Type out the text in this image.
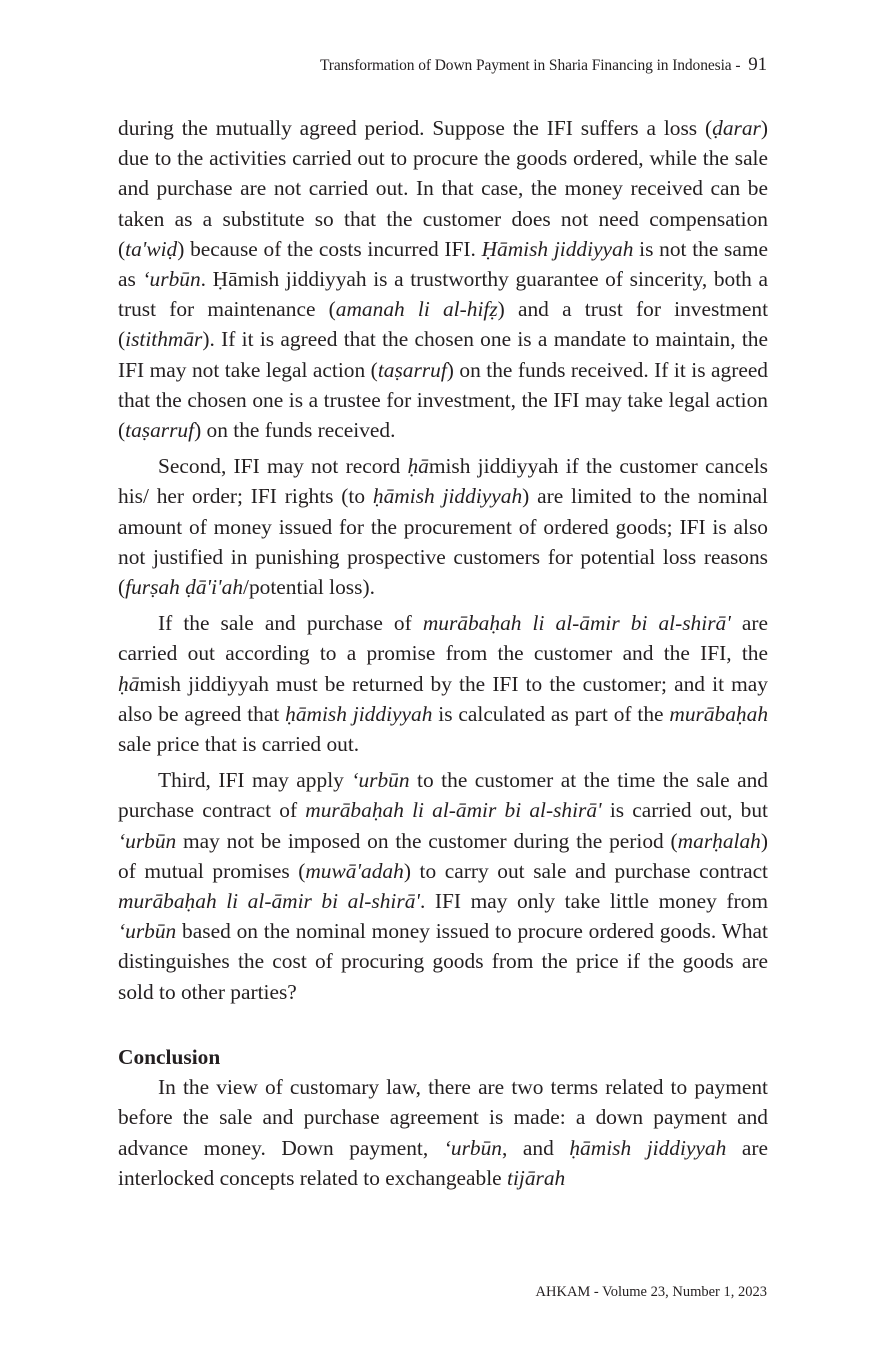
Transformation of Down Payment in Sharia Financing in Indonesia - 91

during the mutually agreed period. Suppose the IFI suffers a loss (ḍarar) due to the activities carried out to procure the goods ordered, while the sale and purchase are not carried out. In that case, the money received can be taken as a substitute so that the customer does not need compensation (ta'wiḍ) because of the costs incurred IFI. Ḥāmish jiddiyyah is not the same as ‘urbūn. Ḥāmish jiddiyyah is a trustworthy guarantee of sincerity, both a trust for maintenance (amanah li al-hifẓ) and a trust for investment (istithmār). If it is agreed that the chosen one is a mandate to maintain, the IFI may not take legal action (taṣarruf) on the funds received. If it is agreed that the chosen one is a trustee for investment, the IFI may take legal action (taṣarruf) on the funds received.

Second, IFI may not record ḥāmish jiddiyyah if the customer cancels his/ her order; IFI rights (to ḥāmish jiddiyyah) are limited to the nominal amount of money issued for the procurement of ordered goods; IFI is also not justified in punishing prospective customers for potential loss reasons (furṣah ḍā'i'ah/potential loss).

If the sale and purchase of murābaḥah li al-āmir bi al-shirā' are carried out according to a promise from the customer and the IFI, the ḥāmish jiddiyyah must be returned by the IFI to the customer; and it may also be agreed that ḥāmish jiddiyyah is calculated as part of the murābaḥah sale price that is carried out.

Third, IFI may apply ‘urbūn to the customer at the time the sale and purchase contract of murābaḥah li al-āmir bi al-shirā' is carried out, but ‘urbūn may not be imposed on the customer during the period (marḥalah) of mutual promises (muwā'adah) to carry out sale and purchase contract murābaḥah li al-āmir bi al-shirā'. IFI may only take little money from ‘urbūn based on the nominal money issued to procure ordered goods. What distinguishes the cost of procuring goods from the price if the goods are sold to other parties?

Conclusion

In the view of customary law, there are two terms related to payment before the sale and purchase agreement is made: a down payment and advance money. Down payment, ‘urbūn, and ḥāmish jiddiyyah are interlocked concepts related to exchangeable tijārah

AHKAM - Volume 23, Number 1, 2023
